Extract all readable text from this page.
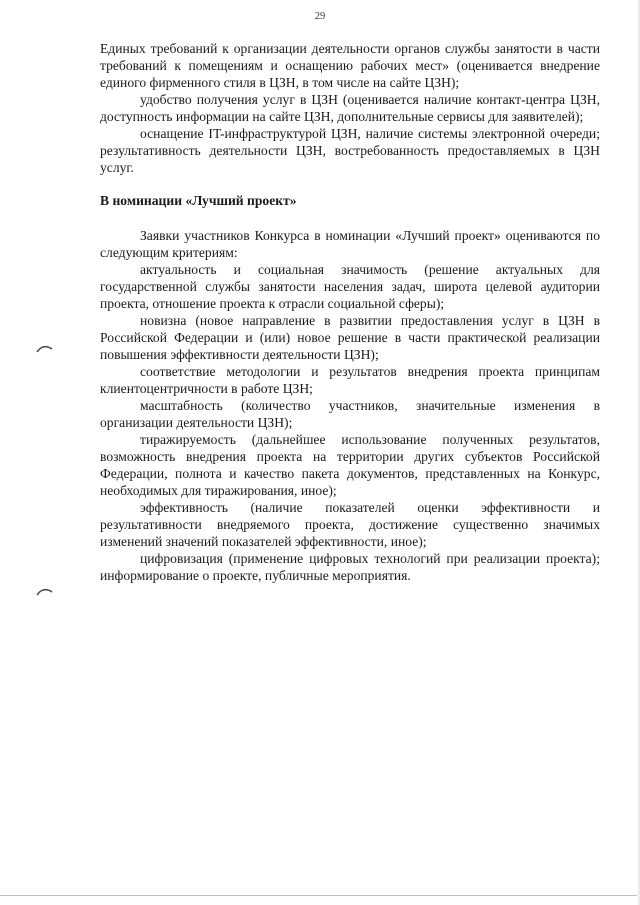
29

Единых требований к организации деятельности органов службы занятости в части требований к помещениям и оснащению рабочих мест» (оценивается внедрение единого фирменного стиля в ЦЗН, в том числе на сайте ЦЗН);

удобство получения услуг в ЦЗН (оценивается наличие контакт-центра ЦЗН, доступность информации на сайте ЦЗН, дополнительные сервисы для заявителей);

оснащение IT-инфраструктурой ЦЗН, наличие системы электронной очереди; результативность деятельности ЦЗН, востребованность предоставляемых в ЦЗН услуг.

В номинации «Лучший проект»

Заявки участников Конкурса в номинации «Лучший проект» оцениваются по следующим критериям:

актуальность и социальная значимость (решение актуальных для государственной службы занятости населения задач, широта целевой аудитории проекта, отношение проекта к отрасли социальной сферы);

новизна (новое направление в развитии предоставления услуг в ЦЗН в Российской Федерации и (или) новое решение в части практической реализации повышения эффективности деятельности ЦЗН);

соответствие методологии и результатов внедрения проекта принципам клиентоцентричности в работе ЦЗН;

масштабность (количество участников, значительные изменения в организации деятельности ЦЗН);

тиражируемость (дальнейшее использование полученных результатов, возможность внедрения проекта на территории других субъектов Российской Федерации, полнота и качество пакета документов, представленных на Конкурс, необходимых для тиражирования, иное);

эффективность (наличие показателей оценки эффективности и результативности внедряемого проекта, достижение существенно значимых изменений значений показателей эффективности, иное);

цифровизация (применение цифровых технологий при реализации проекта); информирование о проекте, публичные мероприятия.
